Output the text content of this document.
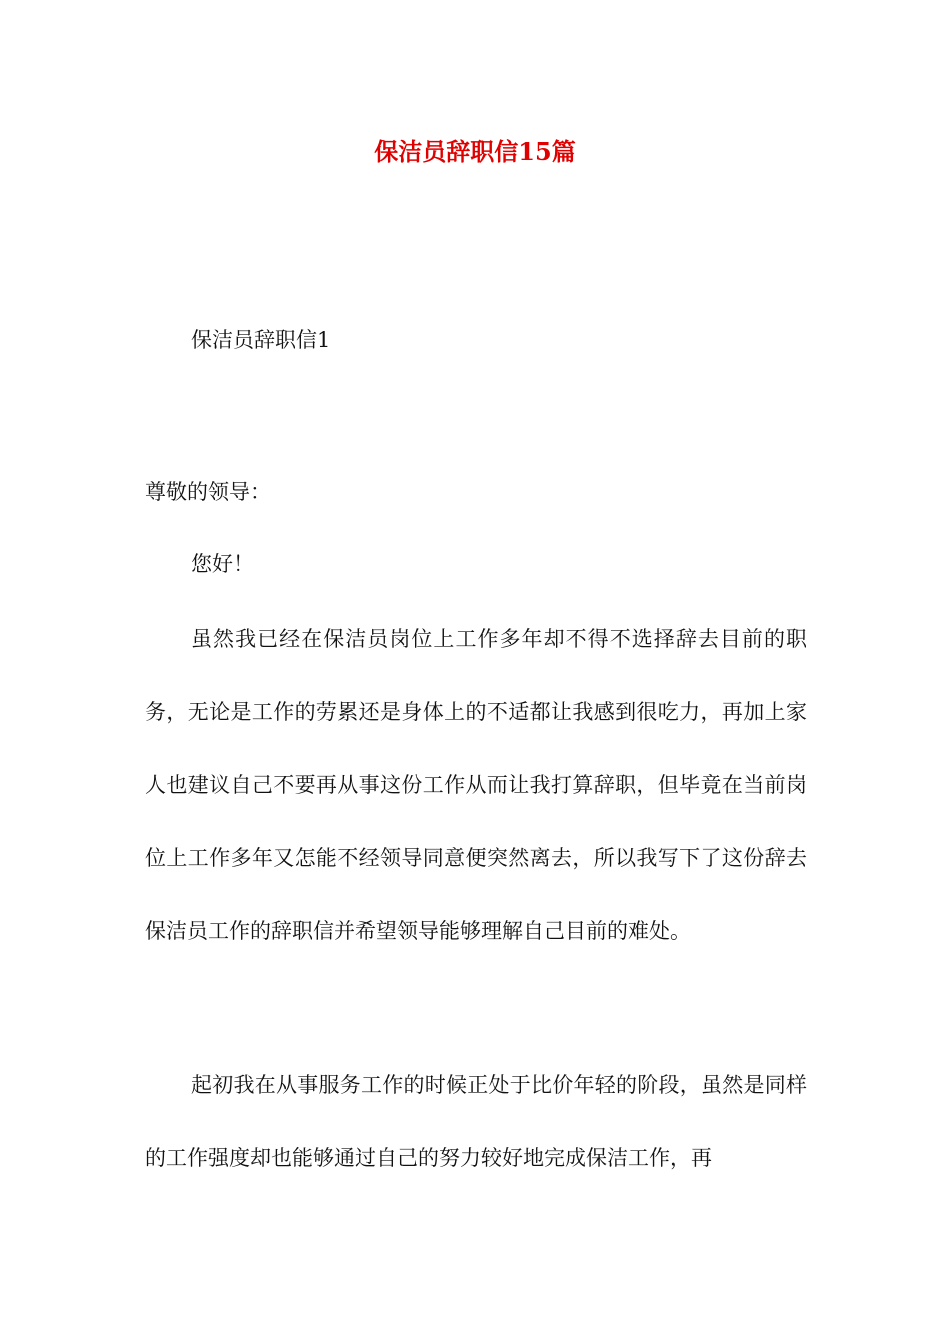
保洁员辞职信15篇
保洁员辞职信1
尊敬的领导：
您好！

虽然我已经在保洁员岗位上工作多年却不得不选择辞去目前的职务，无论是工作的劳累还是身体上的不适都让我感到很吃力，再加上家人也建议自己不要再从事这份工作从而让我打算辞职，但毕竟在当前岗位上工作多年又怎能不经领导同意便突然离去，所以我写下了这份辞去保洁员工作的辞职信并希望领导能够理解自己目前的难处。

起初我在从事服务工作的时候正处于比价年轻的阶段，虽然是同样的工作强度却也能够通过自己的努力较好地完成保洁工作，再
